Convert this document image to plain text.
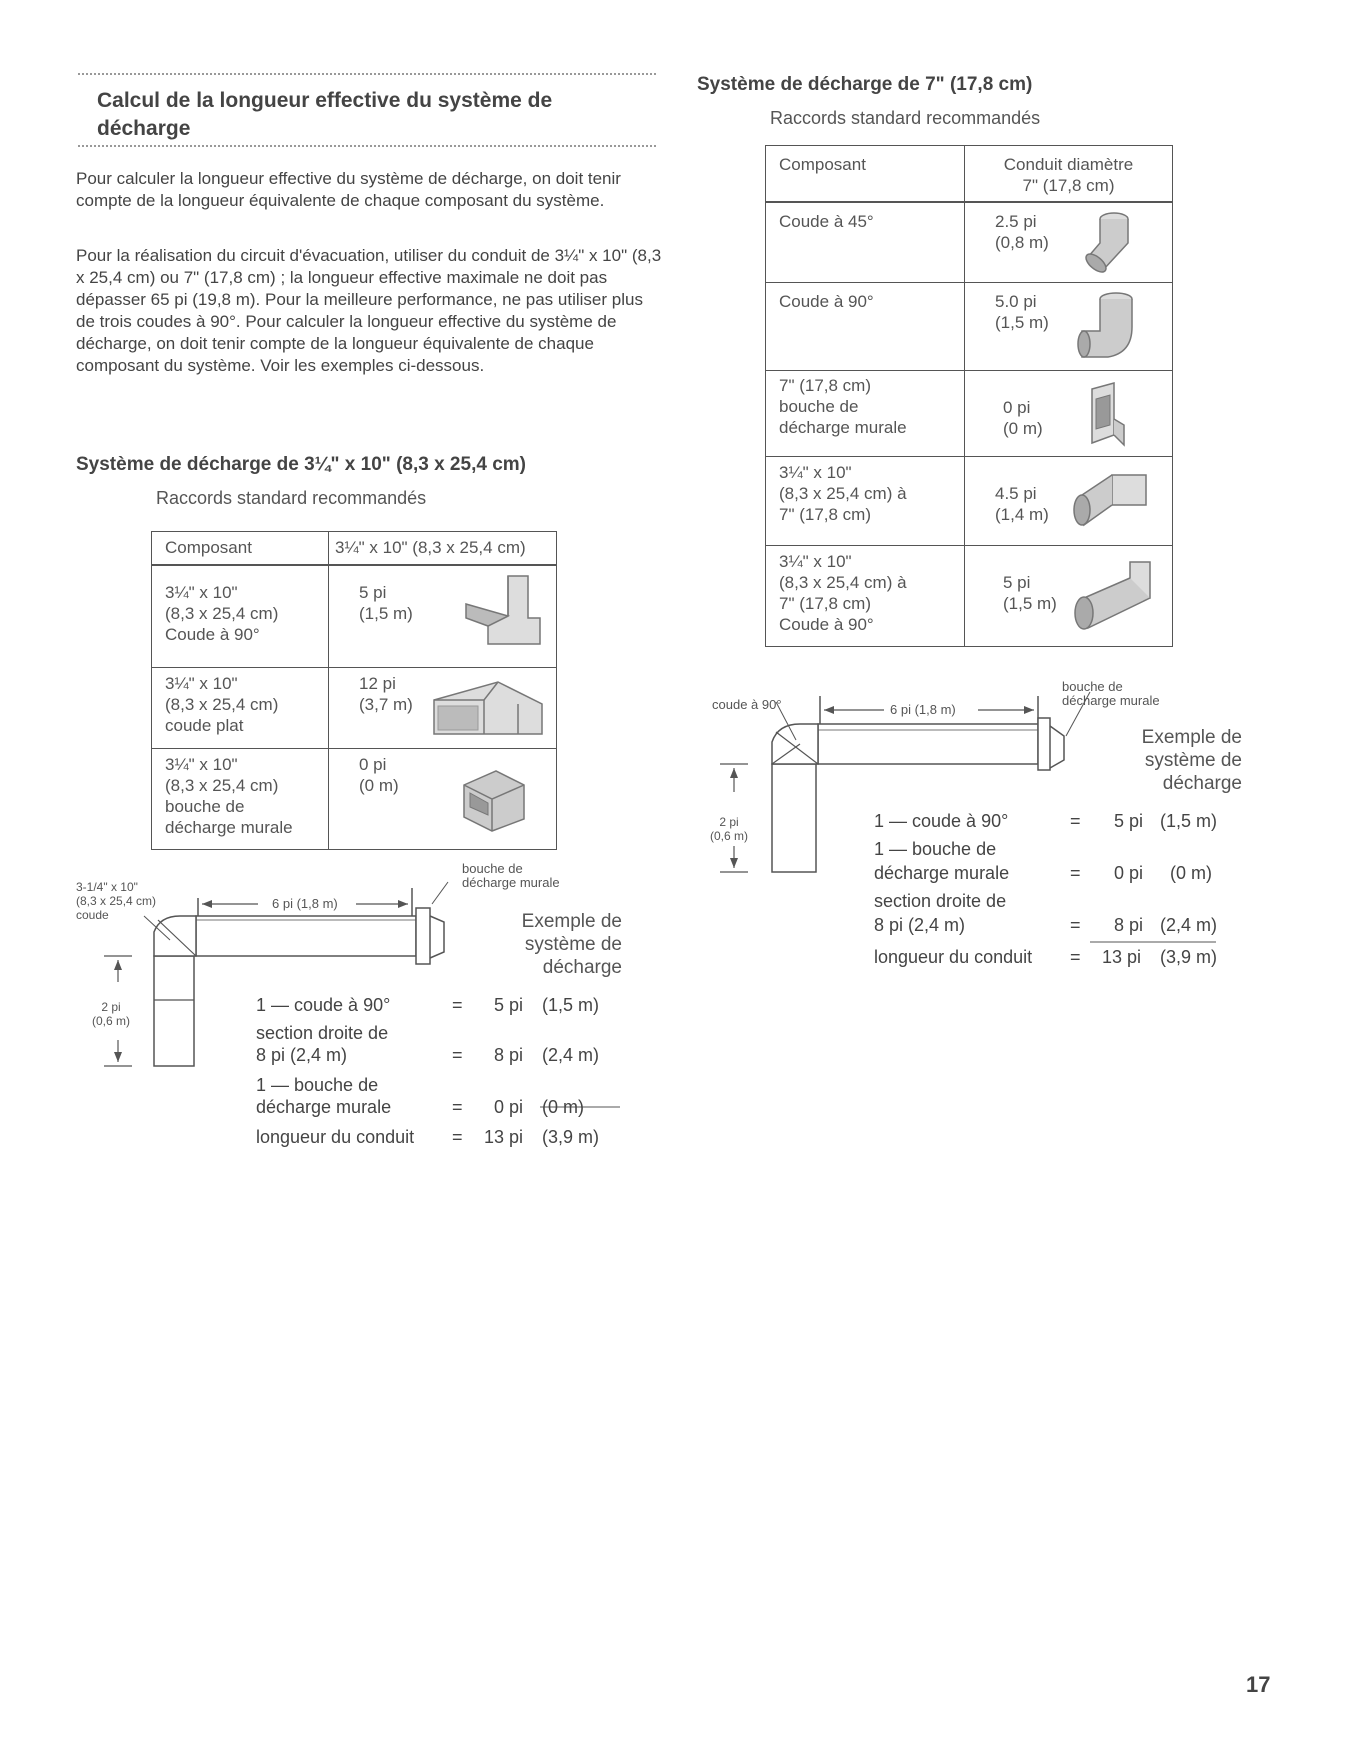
Calcul de la longueur effective du système de décharge

Pour calculer la longueur effective du système de décharge, on doit tenir compte de la longueur équivalente de chaque composant du système.

Pour la réalisation du circuit d'évacuation, utiliser du conduit de 3¼" x 10" (8,3 x 25,4 cm) ou 7" (17,8 cm) ; la longueur effective maximale ne doit pas dépasser 65 pi (19,8 m). Pour la meilleure performance, ne pas utiliser plus de trois coudes à 90°. Pour calculer la longueur effective du système de décharge, on doit tenir compte de la longueur équivalente de chaque composant du système. Voir les exemples ci-dessous.

Système de décharge de 3¼" x 10" (8,3 x 25,4 cm)
Raccords standard recommandés
Composant	3¼" x 10" (8,3 x 25,4 cm)
3¼" x 10"
(8,3 x 25,4 cm)
Coude à 90°	5 pi
(1,5 m)

3¼" x 10"
(8,3 x 25,4 cm)
coude plat	12 pi
(3,7 m)

3¼" x 10"
(8,3 x 25,4 cm)
bouche de
décharge murale	0 pi
(0 m)
3-1/4" x 10"
(8,3 x 25,4 cm)
coude
6 pi (1,8 m)
bouche de
décharge murale
2 pi
(0,6 m)
Exemple de
système de
décharge
1 — coude à 90°	= 5 pi (1,5 m)
section droite de
8 pi (2,4 m)	= 8 pi (2,4 m)
1 — bouche de
décharge murale	= 0 pi (0 m)
longueur du conduit = 13 pi (3,9 m)
Système de décharge de 7" (17,8 cm)
Raccords standard recommandés
Composant	Conduit diamètre
7" (17,8 cm)

Coude à 45°	2.5 pi
(0,8 m)

Coude à 90°	5.0 pi
(1,5 m)

7" (17,8 cm)
bouche de
décharge murale	0 pi
(0 m)

3¼" x 10"
(8,3 x 25,4 cm) à
7" (17,8 cm)	4.5 pi
(1,4 m)

3¼" x 10"
(8,3 x 25,4 cm) à
7" (17,8 cm)
Coude à 90°	5 pi
(1,5 m)
coude à 90°	6 pi (1,8 m)
bouche de
décharge murale
2 pi
(0,6 m)
Exemple de
système de
décharge
1 — coude à 90°	= 5 pi (1,5 m)
1 — bouche de
décharge murale	= 0 pi (0 m)
section droite de
8 pi (2,4 m)	= 8 pi (2,4 m)
longueur du conduit = 13 pi (3,9 m)
17
